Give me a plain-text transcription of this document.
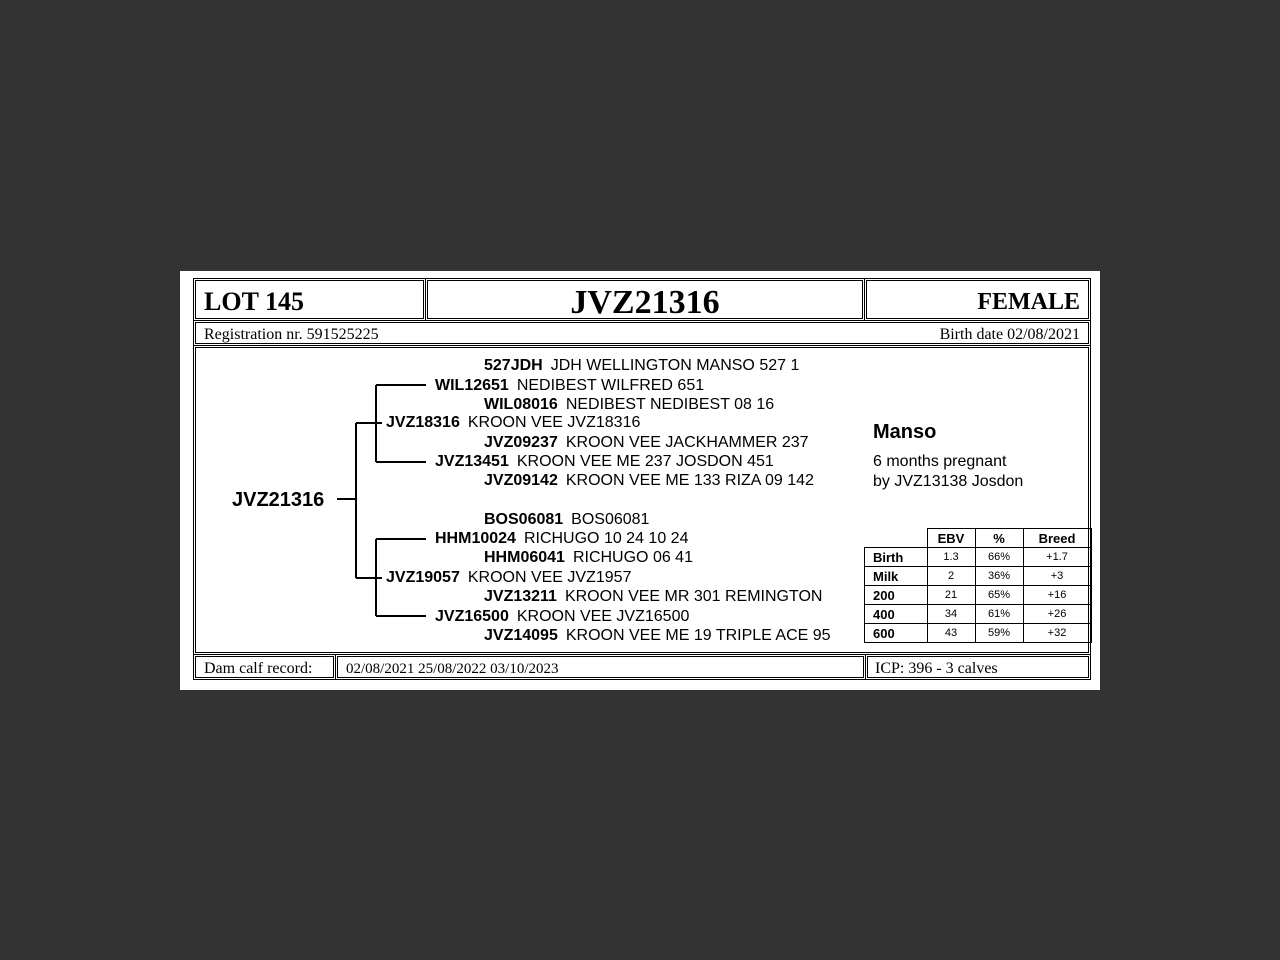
LOT 145	JVZ21316	FEMALE
Registration nr. 591525225	Birth date 02/08/2021
JVZ21316
527JDH JDH WELLINGTON MANSO 527 1
WIL12651 NEDIBEST WILFRED 651
WIL08016 NEDIBEST NEDIBEST 08 16
JVZ18316 KROON VEE JVZ18316
JVZ09237 KROON VEE JACKHAMMER 237
JVZ13451 KROON VEE ME 237 JOSDON 451
JVZ09142 KROON VEE ME 133 RIZA 09 142
BOS06081 BOS06081
HHM10024 RICHUGO 10 24 10 24
HHM06041 RICHUGO 06 41
JVZ19057 KROON VEE JVZ1957
JVZ13211 KROON VEE MR 301 REMINGTON
JVZ16500 KROON VEE JVZ16500
JVZ14095 KROON VEE ME 19 TRIPLE ACE 95
Manso
6 months pregnant
by JVZ13138 Josdon
	EBV	%	Breed
Birth	1.3	66%	+1.7
Milk	2	36%	+3
200	21	65%	+16
400	34	61%	+26
600	43	59%	+32
Dam calf record: 02/08/2021 25/08/2022 03/10/2023	ICP: 396 - 3 calves
